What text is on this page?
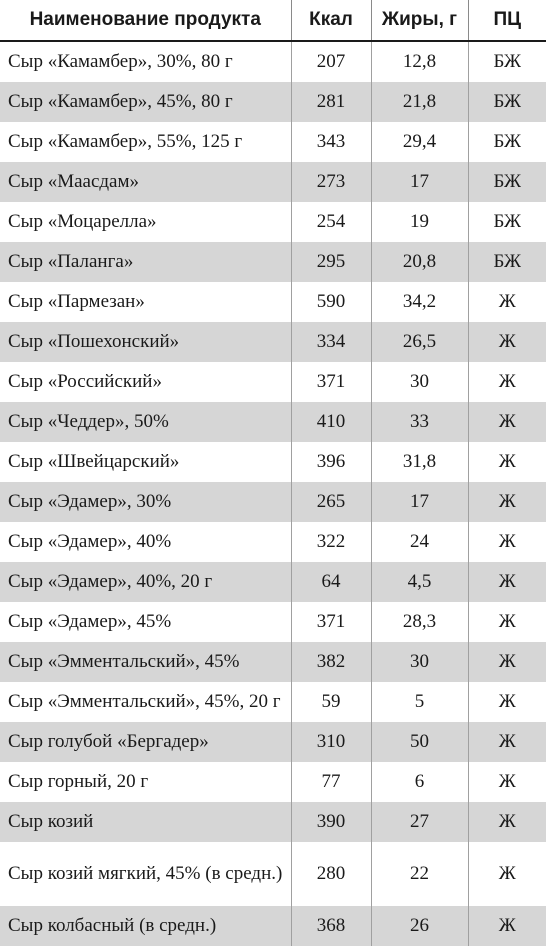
Наименование продукта	Ккал	Жиры, г	ПЦ
Сыр «Камамбер», 30%, 80 г	207	12,8	БЖ
Сыр «Камамбер», 45%, 80 г	281	21,8	БЖ
Сыр «Камамбер», 55%, 125 г	343	29,4	БЖ
Сыр «Маасдам»	273	17	БЖ
Сыр «Моцарелла»	254	19	БЖ
Сыр «Паланга»	295	20,8	БЖ
Сыр «Пармезан»	590	34,2	Ж
Сыр «Пошехонский»	334	26,5	Ж
Сыр «Российский»	371	30	Ж
Сыр «Чеддер», 50%	410	33	Ж
Сыр «Швейцарский»	396	31,8	Ж
Сыр «Эдамер», 30%	265	17	Ж
Сыр «Эдамер», 40%	322	24	Ж
Сыр «Эдамер», 40%, 20 г	64	4,5	Ж
Сыр «Эдамер», 45%	371	28,3	Ж
Сыр «Эмментальский», 45%	382	30	Ж
Сыр «Эмментальский», 45%, 20 г	59	5	Ж
Сыр голубой «Бергадер»	310	50	Ж
Сыр горный, 20 г	77	6	Ж
Сыр козий	390	27	Ж
Сыр козий мягкий, 45% (в средн.)	280	22	Ж
Сыр колбасный (в средн.)	368	26	Ж
